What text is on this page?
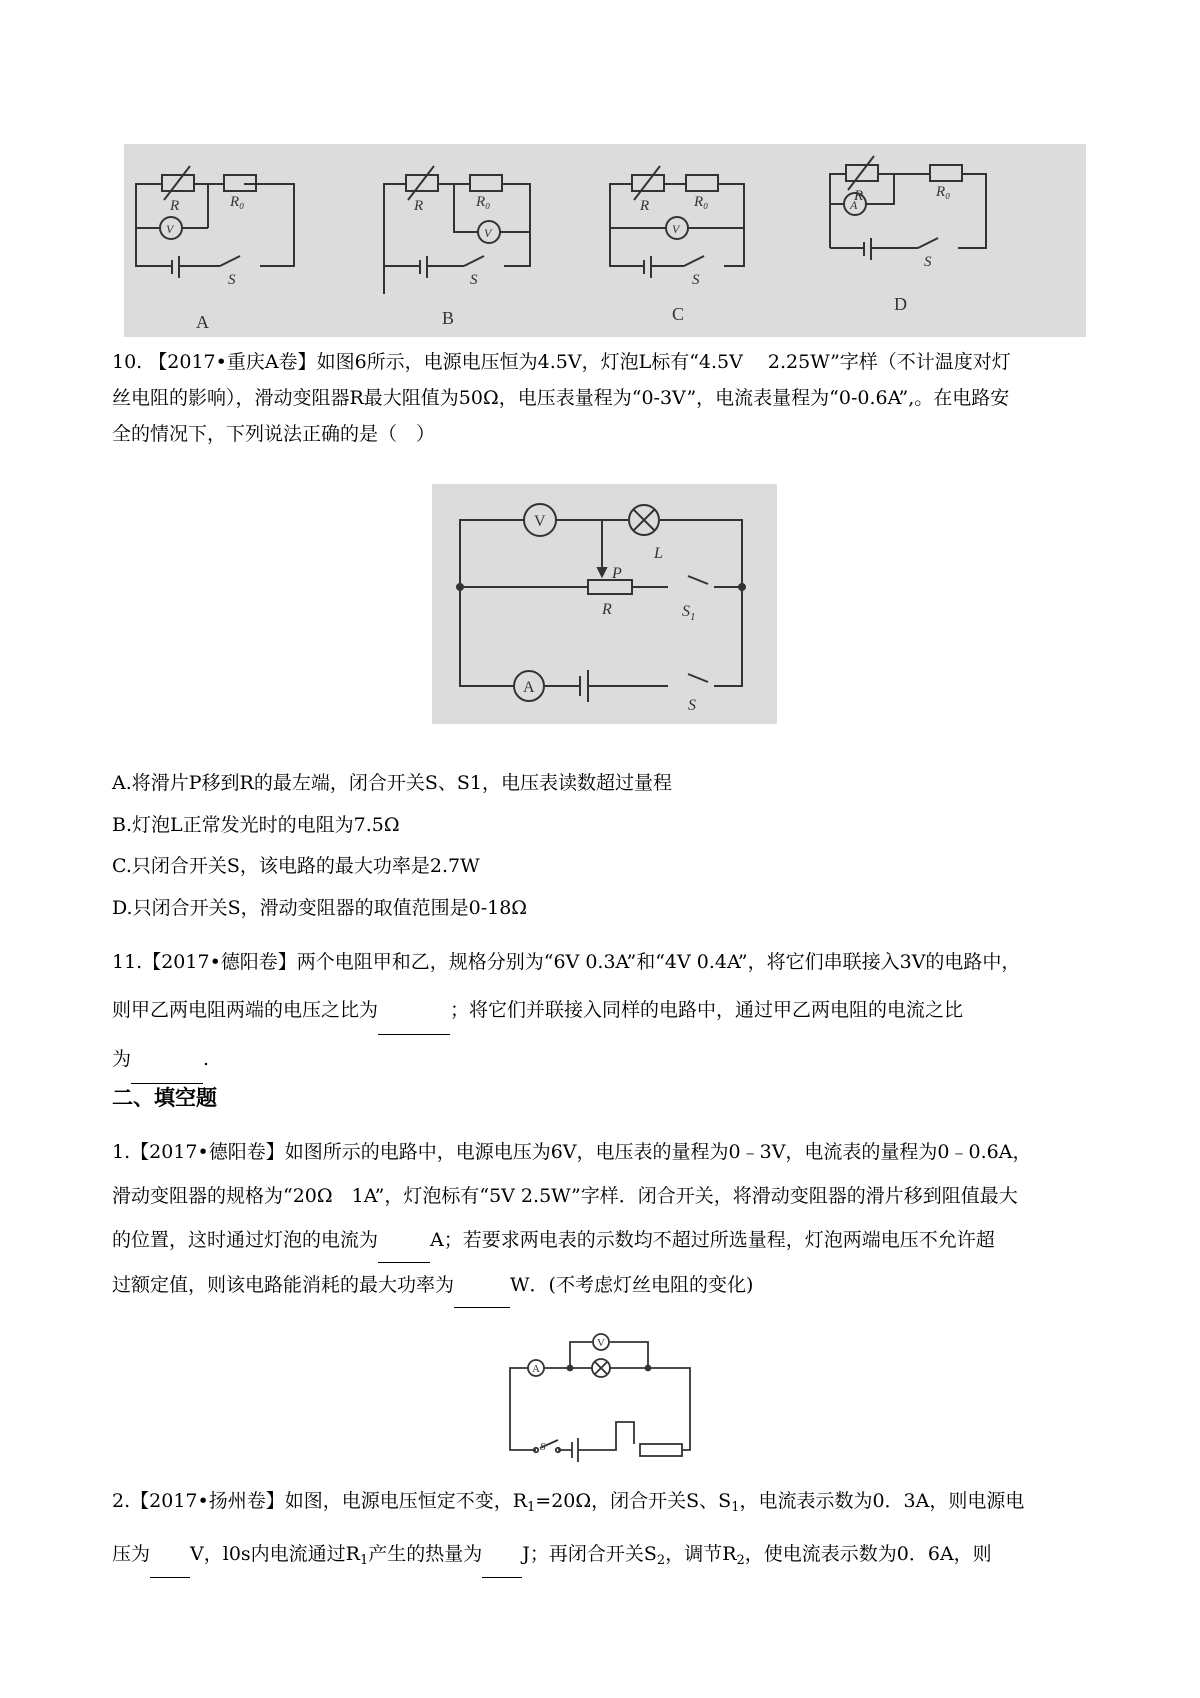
R	R₀
V
S
R	R₀
V
S
R	R₀
V
S
R	R₀
A
S
A	B	C	D
10. 【2017•重庆A卷】如图6所示，电源电压恒为4.5V，灯泡L标有“4.5V　 2.25W”字样（不计温度对灯
丝电阻的影响），滑动变阻器R最大阻值为50Ω，电压表量程为“0-3V”，电流表量程为“0-0.6A”,。在电路安
全的情况下，下列说法正确的是（　）
V
L
P
R	$S_1$
A
S
A.将滑片P移到R的最左端，闭合开关S、S1，电压表读数超过量程
B.灯泡L正常发光时的电阻为7.5Ω
C.只闭合开关S，该电路的最大功率是2.7W
D.只闭合开关S，滑动变阻器的取值范围是0-18Ω
11.【2017•德阳卷】两个电阻甲和乙，规格分别为“6V 0.3A”和“4V 0.4A”，将它们串联接入3V的电路中，
则甲乙两电阻两端的电压之比为	；将它们并联接入同样的电路中，通过甲乙两电阻的电流之比
为	.
二、填空题
1.【2017•德阳卷】如图所示的电路中，电源电压为6V，电压表的量程为0﹣3V，电流表的量程为0﹣0.6A，
滑动变阻器的规格为“20Ω　1A”，灯泡标有“5V 2.5W”字样．闭合开关，将滑动变阻器的滑片移到阻值最大
的位置，这时通过灯泡的电流为	A；若要求两电表的示数均不超过所选量程，灯泡两端电压不允许超
过额定值，则该电路能消耗的最大功率为	W．(不考虑灯丝电阻的变化)
A
V
S
2.【2017•扬州卷】如图，电源电压恒定不变，$R_1=20\Omega$，闭合开关S、$S_1$，电流表示数为0．3A，则电源电
压为 V，l0s内电流通过$R_1$产生的热量为 J；再闭合开关$S_2$，调节$R_2$，使电流表示数为0．6A，则
